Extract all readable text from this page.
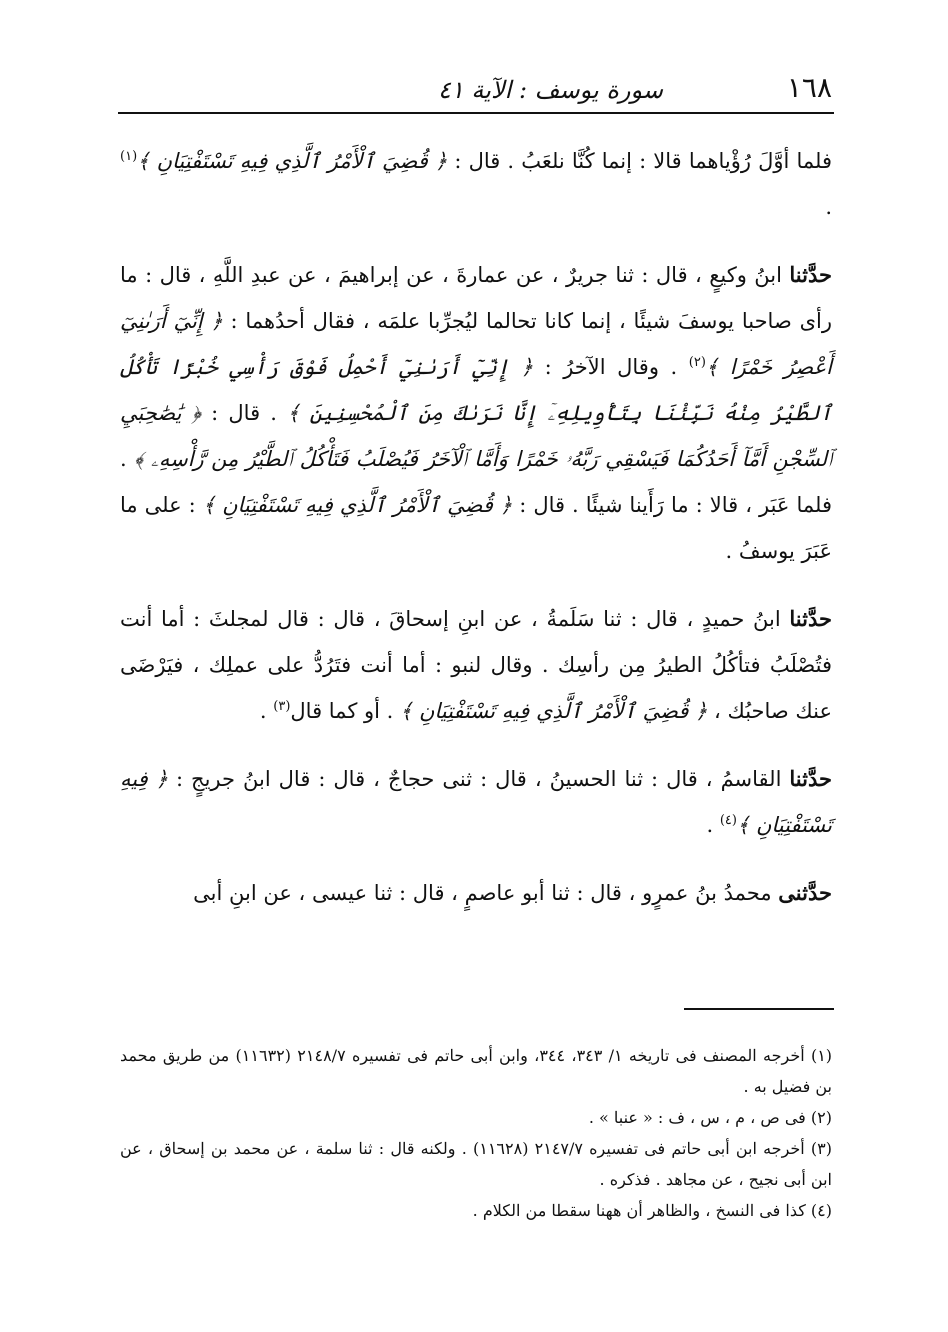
١٦٨
سورة يوسف : الآية ٤١

فلما أوَّلَ رُؤْياهما قالا : إنما كُنَّا نلعَبُ . قال : ﴿ قُضِيَ ٱلْأَمْرُ ٱلَّذِي فِيهِ تَسْتَفْتِيَانِ ﴾$^{(١)}$ .

حدَّثنا ابنُ وكيعٍ ، قال : ثنا جريرٌ ، عن عمارةَ ، عن إبراهيمَ ، عن عبدِ اللَّهِ ، قال : ما رأى صاحبا يوسفَ شيئًا ، إنما كانا تحالما ليُجرِّبا علمَه ، فقال أحدُهما : ﴿ إِنِّيٓ أَرَىٰنِيٓ أَعْصِرُ خَمْرًا ﴾$^{(٢)}$ . وقال الآخرُ : ﴿ إِنِّيٓ أَرَىٰنِيٓ أَحْمِلُ فَوْقَ رَأْسِي خُبْزًا تَأْكُلُ ٱلطَّيْرُ مِنْهُ نَبِّئْنَا بِتَأْوِيلِهِۦٓ إِنَّا نَرَىٰكَ مِنَ ٱلْمُحْسِنِينَ ﴾ . قال : ﴿ يَٰصَٰحِبَيِ ٱلسِّجْنِ أَمَّآ أَحَدُكُمَا فَيَسْقِي رَبَّهُۥ خَمْرًا وَأَمَّا ٱلْآخَرُ فَيُصْلَبُ فَتَأْكُلُ ٱلطَّيْرُ مِن رَّأْسِهِۦ ﴾ . فلما عَبَر ، قالا : ما رَأَينا شيئًا . قال : ﴿ قُضِيَ ٱلْأَمْرُ ٱلَّذِي فِيهِ تَسْتَفْتِيَانِ ﴾ : على ما عَبَرَ يوسفُ .

حدَّثنا ابنُ حميدٍ ، قال : ثنا سَلَمةُ ، عن ابنِ إسحاقَ ، قال : قال لمجلثَ : أما أنت فتُصْلَبُ فتأكُلُ الطيرُ مِن رأسِك . وقال لنبو : أما أنت فتَرُدُّ على عملِك ، فيَرْضَى عنك صاحبُك ، ﴿ قُضِيَ ٱلْأَمْرُ ٱلَّذِي فِيهِ تَسْتَفْتِيَانِ ﴾ . أو كما قال$^{(٣)}$ .

حدَّثنا القاسمُ ، قال : ثنا الحسينُ ، قال : ثنى حجاجٌ ، قال : قال ابنُ جريجٍ : ﴿ فِيهِ تَسْتَفْتِيَانِ ﴾$^{(٤)}$ .

حدَّثنى محمدُ بنُ عمرٍو ، قال : ثنا أبو عاصمٍ ، قال : ثنا عيسى ، عن ابنِ أبى

(١) أخرجه المصنف فى تاريخه ١/ ٣٤٣، ٣٤٤، وابن أبى حاتم فى تفسيره ٢١٤٨/٧ (١١٦٣٢) من طريق محمد بن فضيل به .

(٢) فى ص ، م ، س ، ف : « عنبا » .

(٣) أخرجه ابن أبى حاتم فى تفسيره ٢١٤٧/٧ (١١٦٢٨) . ولكنه قال : ثنا سلمة ، عن محمد بن إسحاق ، عن ابن أبى نجيح ، عن مجاهد . فذكره .

(٤) كذا فى النسخ ، والظاهر أن ههنا سقطا من الكلام .
